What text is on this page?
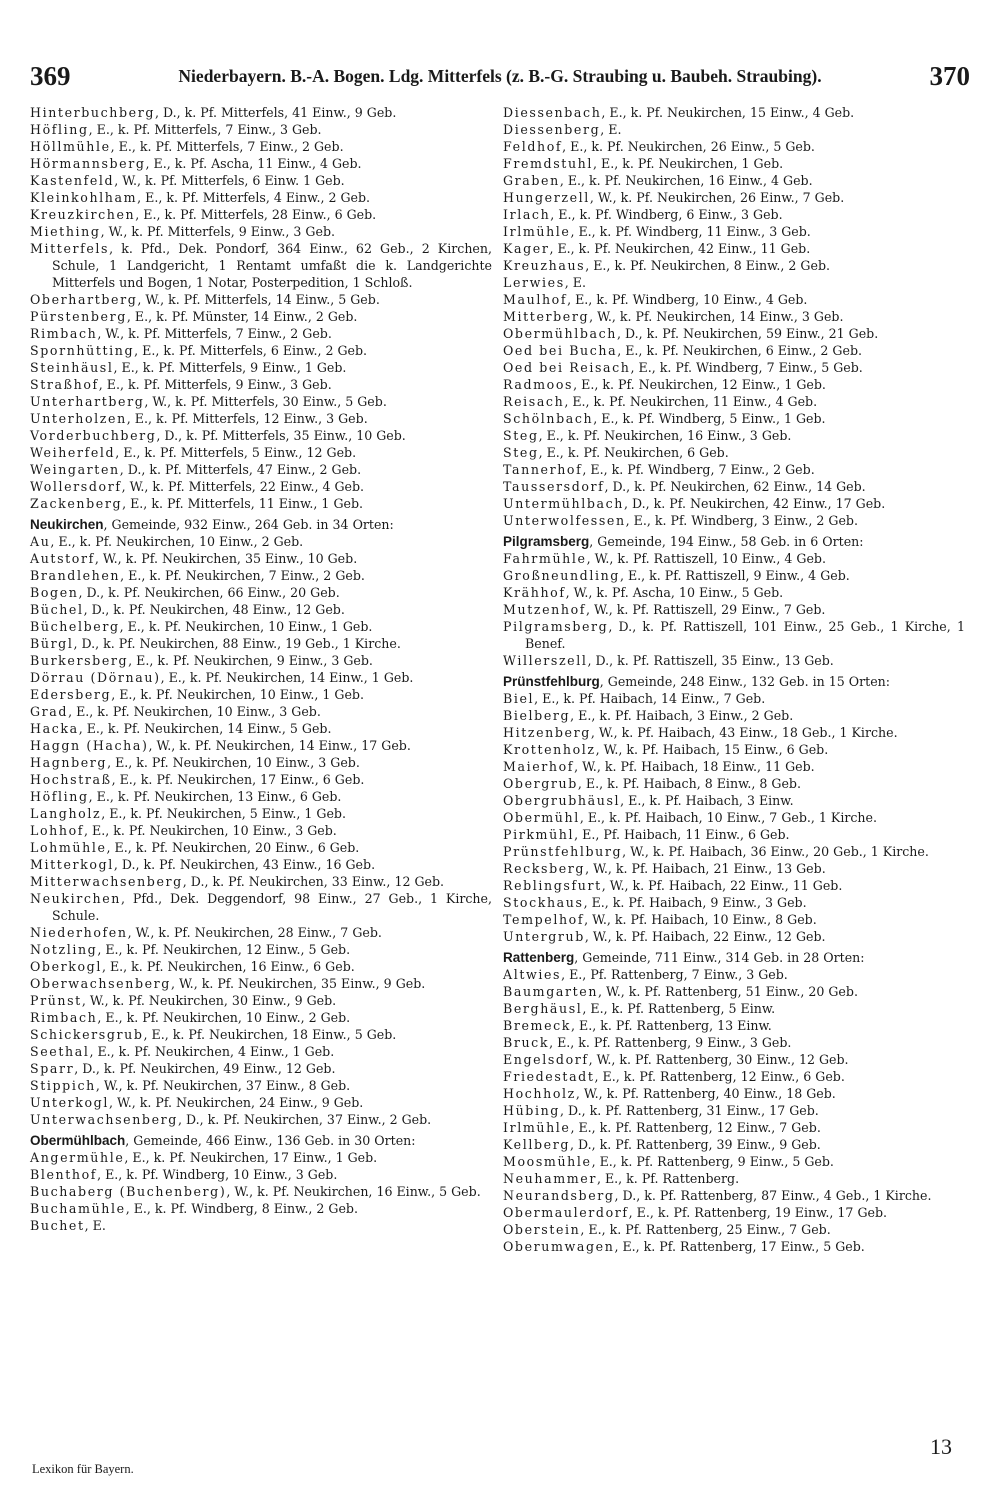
369	Niederbayern. B.-A. Bogen. Ldg. Mitterfels (z. B.-G. Straubing u. Baubeh. Straubing).	370

Hinterbuchberg, D., k. Pf. Mitterfels, 41 Einw., 9 Geb.

Höfling, E., k. Pf. Mitterfels, 7 Einw., 3 Geb.

Höllmühle, E., k. Pf. Mitterfels, 7 Einw., 2 Geb.

Hörmannsberg, E., k. Pf. Ascha, 11 Einw., 4 Geb.

Kastenfeld, W., k. Pf. Mitterfels, 6 Einw. 1 Geb.

Kleinkohlham, E., k. Pf. Mitterfels, 4 Einw., 2 Geb.

Kreuzkirchen, E., k. Pf. Mitterfels, 28 Einw., 6 Geb.

Miething, W., k. Pf. Mitterfels, 9 Einw., 3 Geb.

Mitterfels, k. Pfd., Dek. Pondorf, 364 Einw., 62 Geb., 2 Kirchen, Schule, 1 Landgericht, 1 Rentamt umfaßt die k. Landgerichte Mitterfels und Bogen, 1 Notar, Posterpedition, 1 Schloß.

Oberhartberg, W., k. Pf. Mitterfels, 14 Einw., 5 Geb.

Pürstenberg, E., k. Pf. Münster, 14 Einw., 2 Geb.

Rimbach, W., k. Pf. Mitterfels, 7 Einw., 2 Geb.

Spornhütting, E., k. Pf. Mitterfels, 6 Einw., 2 Geb.

Steinhäusl, E., k. Pf. Mitterfels, 9 Einw., 1 Geb.

Straßhof, E., k. Pf. Mitterfels, 9 Einw., 3 Geb.

Unterhartberg, W., k. Pf. Mitterfels, 30 Einw., 5 Geb.

Unterholzen, E., k. Pf. Mitterfels, 12 Einw., 3 Geb.

Vorderbuchberg, D., k. Pf. Mitterfels, 35 Einw., 10 Geb.

Weiherfeld, E., k. Pf. Mitterfels, 5 Einw., 12 Geb.

Weingarten, D., k. Pf. Mitterfels, 47 Einw., 2 Geb.

Wollersdorf, W., k. Pf. Mitterfels, 22 Einw., 4 Geb.

Zackenberg, E., k. Pf. Mitterfels, 11 Einw., 1 Geb.

Neukirchen, Gemeinde, 932 Einw., 264 Geb. in 34 Orten:

Au, E., k. Pf. Neukirchen, 10 Einw., 2 Geb.

Autstorf, W., k. Pf. Neukirchen, 35 Einw., 10 Geb.

Brandlehen, E., k. Pf. Neukirchen, 7 Einw., 2 Geb.

Bogen, D., k. Pf. Neukirchen, 66 Einw., 20 Geb.

Büchel, D., k. Pf. Neukirchen, 48 Einw., 12 Geb.

Büchelberg, E., k. Pf. Neukirchen, 10 Einw., 1 Geb.

Bürgl, D., k. Pf. Neukirchen, 88 Einw., 19 Geb., 1 Kirche.

Burkersberg, E., k. Pf. Neukirchen, 9 Einw., 3 Geb.

Dörrau (Dörnau), E., k. Pf. Neukirchen, 14 Einw., 1 Geb.

Edersberg, E., k. Pf. Neukirchen, 10 Einw., 1 Geb.

Grad, E., k. Pf. Neukirchen, 10 Einw., 3 Geb.

Hacka, E., k. Pf. Neukirchen, 14 Einw., 5 Geb.

Haggn (Hacha), W., k. Pf. Neukirchen, 14 Einw., 17 Geb.

Hagnberg, E., k. Pf. Neukirchen, 10 Einw., 3 Geb.

Hochstraß, E., k. Pf. Neukirchen, 17 Einw., 6 Geb.

Höfling, E., k. Pf. Neukirchen, 13 Einw., 6 Geb.

Langholz, E., k. Pf. Neukirchen, 5 Einw., 1 Geb.

Lohhof, E., k. Pf. Neukirchen, 10 Einw., 3 Geb.

Lohmühle, E., k. Pf. Neukirchen, 20 Einw., 6 Geb.

Mitterkogl, D., k. Pf. Neukirchen, 43 Einw., 16 Geb.

Mitterwachsenberg, D., k. Pf. Neukirchen, 33 Einw., 12 Geb.

Neukirchen, Pfd., Dek. Deggendorf, 98 Einw., 27 Geb., 1 Kirche, Schule.

Niederhofen, W., k. Pf. Neukirchen, 28 Einw., 7 Geb.

Notzling, E., k. Pf. Neukirchen, 12 Einw., 5 Geb.

Oberkogl, E., k. Pf. Neukirchen, 16 Einw., 6 Geb.

Oberwachsenberg, W., k. Pf. Neukirchen, 35 Einw., 9 Geb.

Prünst, W., k. Pf. Neukirchen, 30 Einw., 9 Geb.

Rimbach, E., k. Pf. Neukirchen, 10 Einw., 2 Geb.

Schickersgrub, E., k. Pf. Neukirchen, 18 Einw., 5 Geb.

Seethal, E., k. Pf. Neukirchen, 4 Einw., 1 Geb.

Sparr, D., k. Pf. Neukirchen, 49 Einw., 12 Geb.

Stippich, W., k. Pf. Neukirchen, 37 Einw., 8 Geb.

Unterkogl, W., k. Pf. Neukirchen, 24 Einw., 9 Geb.

Unterwachsenberg, D., k. Pf. Neukirchen, 37 Einw., 2 Geb.

Obermühlbach, Gemeinde, 466 Einw., 136 Geb. in 30 Orten:

Angermühle, E., k. Pf. Neukirchen, 17 Einw., 1 Geb.

Blenthof, E., k. Pf. Windberg, 10 Einw., 3 Geb.

Buchaberg (Buchenberg), W., k. Pf. Neukirchen, 16 Einw., 5 Geb.

Buchamühle, E., k. Pf. Windberg, 8 Einw., 2 Geb.

Buchet, E.

Diessenbach, E., k. Pf. Neukirchen, 15 Einw., 4 Geb.

Diessenberg, E.

Feldhof, E., k. Pf. Neukirchen, 26 Einw., 5 Geb.

Fremdstuhl, E., k. Pf. Neukirchen, 1 Geb.

Graben, E., k. Pf. Neukirchen, 16 Einw., 4 Geb.

Hungerzell, W., k. Pf. Neukirchen, 26 Einw., 7 Geb.

Irlach, E., k. Pf. Windberg, 6 Einw., 3 Geb.

Irlmühle, E., k. Pf. Windberg, 11 Einw., 3 Geb.

Kager, E., k. Pf. Neukirchen, 42 Einw., 11 Geb.

Kreuzhaus, E., k. Pf. Neukirchen, 8 Einw., 2 Geb.

Lerwies, E.

Maulhof, E., k. Pf. Windberg, 10 Einw., 4 Geb.

Mitterberg, W., k. Pf. Neukirchen, 14 Einw., 3 Geb.

Obermühlbach, D., k. Pf. Neukirchen, 59 Einw., 21 Geb.

Oed bei Bucha, E., k. Pf. Neukirchen, 6 Einw., 2 Geb.

Oed bei Reisach, E., k. Pf. Windberg, 7 Einw., 5 Geb.

Radmoos, E., k. Pf. Neukirchen, 12 Einw., 1 Geb.

Reisach, E., k. Pf. Neukirchen, 11 Einw., 4 Geb.

Schölnbach, E., k. Pf. Windberg, 5 Einw., 1 Geb.

Steg, E., k. Pf. Neukirchen, 16 Einw., 3 Geb.

Steg, E., k. Pf. Neukirchen, 6 Geb.

Tannerhof, E., k. Pf. Windberg, 7 Einw., 2 Geb.

Taussersdorf, D., k. Pf. Neukirchen, 62 Einw., 14 Geb.

Untermühlbach, D., k. Pf. Neukirchen, 42 Einw., 17 Geb.

Unterwolfessen, E., k. Pf. Windberg, 3 Einw., 2 Geb.

Pilgramsberg, Gemeinde, 194 Einw., 58 Geb. in 6 Orten:

Fahrmühle, W., k. Pf. Rattiszell, 10 Einw., 4 Geb.

Großneundling, E., k. Pf. Rattiszell, 9 Einw., 4 Geb.

Krähhof, W., k. Pf. Ascha, 10 Einw., 5 Geb.

Mutzenhof, W., k. Pf. Rattiszell, 29 Einw., 7 Geb.

Pilgramsberg, D., k. Pf. Rattiszell, 101 Einw., 25 Geb., 1 Kirche, 1 Benef.

Willerszell, D., k. Pf. Rattiszell, 35 Einw., 13 Geb.

Prünstfehlburg, Gemeinde, 248 Einw., 132 Geb. in 15 Orten:

Biel, E., k. Pf. Haibach, 14 Einw., 7 Geb.

Bielberg, E., k. Pf. Haibach, 3 Einw., 2 Geb.

Hitzenberg, W., k. Pf. Haibach, 43 Einw., 18 Geb., 1 Kirche.

Krottenholz, W., k. Pf. Haibach, 15 Einw., 6 Geb.

Maierhof, W., k. Pf. Haibach, 18 Einw., 11 Geb.

Obergrub, E., k. Pf. Haibach, 8 Einw., 8 Geb.

Obergrubhäusl, E., k. Pf. Haibach, 3 Einw.

Obermühl, E., k. Pf. Haibach, 10 Einw., 7 Geb., 1 Kirche.

Pirkmühl, E., Pf. Haibach, 11 Einw., 6 Geb.

Prünstfehlburg, W., k. Pf. Haibach, 36 Einw., 20 Geb., 1 Kirche.

Recksberg, W., k. Pf. Haibach, 21 Einw., 13 Geb.

Reblingsfurt, W., k. Pf. Haibach, 22 Einw., 11 Geb.

Stockhaus, E., k. Pf. Haibach, 9 Einw., 3 Geb.

Tempelhof, W., k. Pf. Haibach, 10 Einw., 8 Geb.

Untergrub, W., k. Pf. Haibach, 22 Einw., 12 Geb.

Rattenberg, Gemeinde, 711 Einw., 314 Geb. in 28 Orten:

Altwies, E., Pf. Rattenberg, 7 Einw., 3 Geb.

Baumgarten, W., k. Pf. Rattenberg, 51 Einw., 20 Geb.

Berghäusl, E., k. Pf. Rattenberg, 5 Einw.

Bremeck, E., k. Pf. Rattenberg, 13 Einw.

Bruck, E., k. Pf. Rattenberg, 9 Einw., 3 Geb.

Engelsdorf, W., k. Pf. Rattenberg, 30 Einw., 12 Geb.

Friedestadt, E., k. Pf. Rattenberg, 12 Einw., 6 Geb.

Hochholz, W., k. Pf. Rattenberg, 40 Einw., 18 Geb.

Hübing, D., k. Pf. Rattenberg, 31 Einw., 17 Geb.

Irlmühle, E., k. Pf. Rattenberg, 12 Einw., 7 Geb.

Kellberg, D., k. Pf. Rattenberg, 39 Einw., 9 Geb.

Moosmühle, E., k. Pf. Rattenberg, 9 Einw., 5 Geb.

Neuhammer, E., k. Pf. Rattenberg.

Neurandsberg, D., k. Pf. Rattenberg, 87 Einw., 4 Geb., 1 Kirche.

Obermaulerdorf, E., k. Pf. Rattenberg, 19 Einw., 17 Geb.

Oberstein, E., k. Pf. Rattenberg, 25 Einw., 7 Geb.

Oberumwagen, E., k. Pf. Rattenberg, 17 Einw., 5 Geb.

Lexikon für Bayern.
13
